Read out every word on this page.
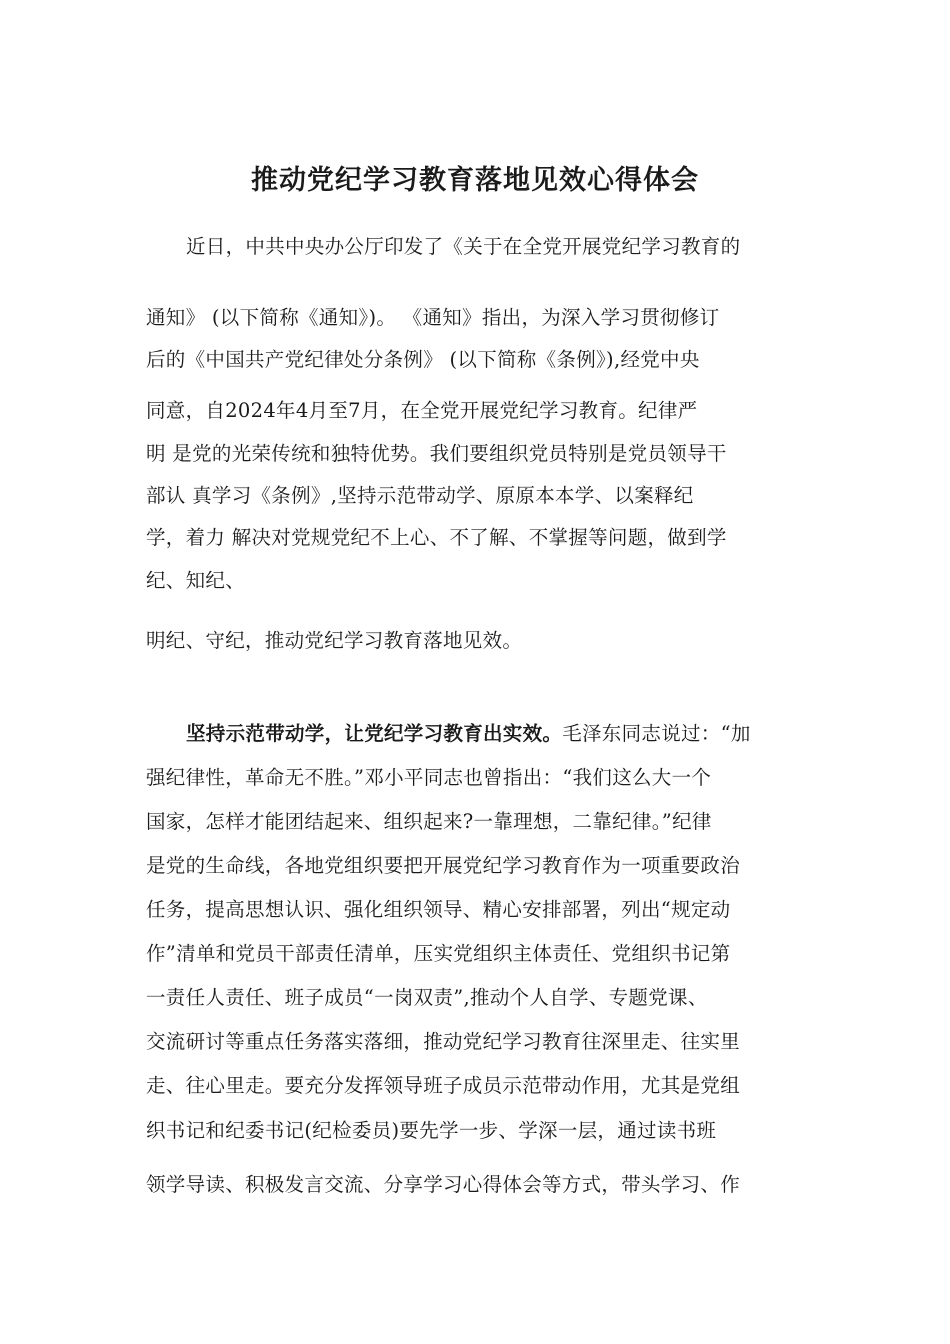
推动党纪学习教育落地见效心得体会

近日，中共中央办公厅印发了《关于在全党开展党纪学习教育的

通知》 (以下简称《通知》)。 《通知》指出，为深入学习贯彻修订

后的《中国共产党纪律处分条例》 (以下简称《条例》),经党中央

同意，自2024年4月至7月，在全党开展党纪学习教育。纪律严

明 是党的光荣传统和独特优势。我们要组织党员特别是党员领导干

部认 真学习《条例》,坚持示范带动学、原原本本学、以案释纪

学，着力 解决对党规党纪不上心、不了解、不掌握等问题，做到学

纪、知纪、

明纪、守纪，推动党纪学习教育落地见效。

坚持示范带动学，让党纪学习教育出实效。毛泽东同志说过：“加

强纪律性，革命无不胜。”邓小平同志也曾指出：“我们这么大一个

国家，怎样才能团结起来、组织起来?一靠理想，二靠纪律。”纪律

是党的生命线，各地党组织要把开展党纪学习教育作为一项重要政治

任务，提高思想认识、强化组织领导、精心安排部署，列出“规定动

作”清单和党员干部责任清单，压实党组织主体责任、党组织书记第

一责任人责任、班子成员“一岗双责”,推动个人自学、专题党课、

交流研讨等重点任务落实落细，推动党纪学习教育往深里走、往实里

走、往心里走。要充分发挥领导班子成员示范带动作用，尤其是党组

织书记和纪委书记(纪检委员)要先学一步、学深一层，通过读书班

领学导读、积极发言交流、分享学习心得体会等方式，带头学习、作
